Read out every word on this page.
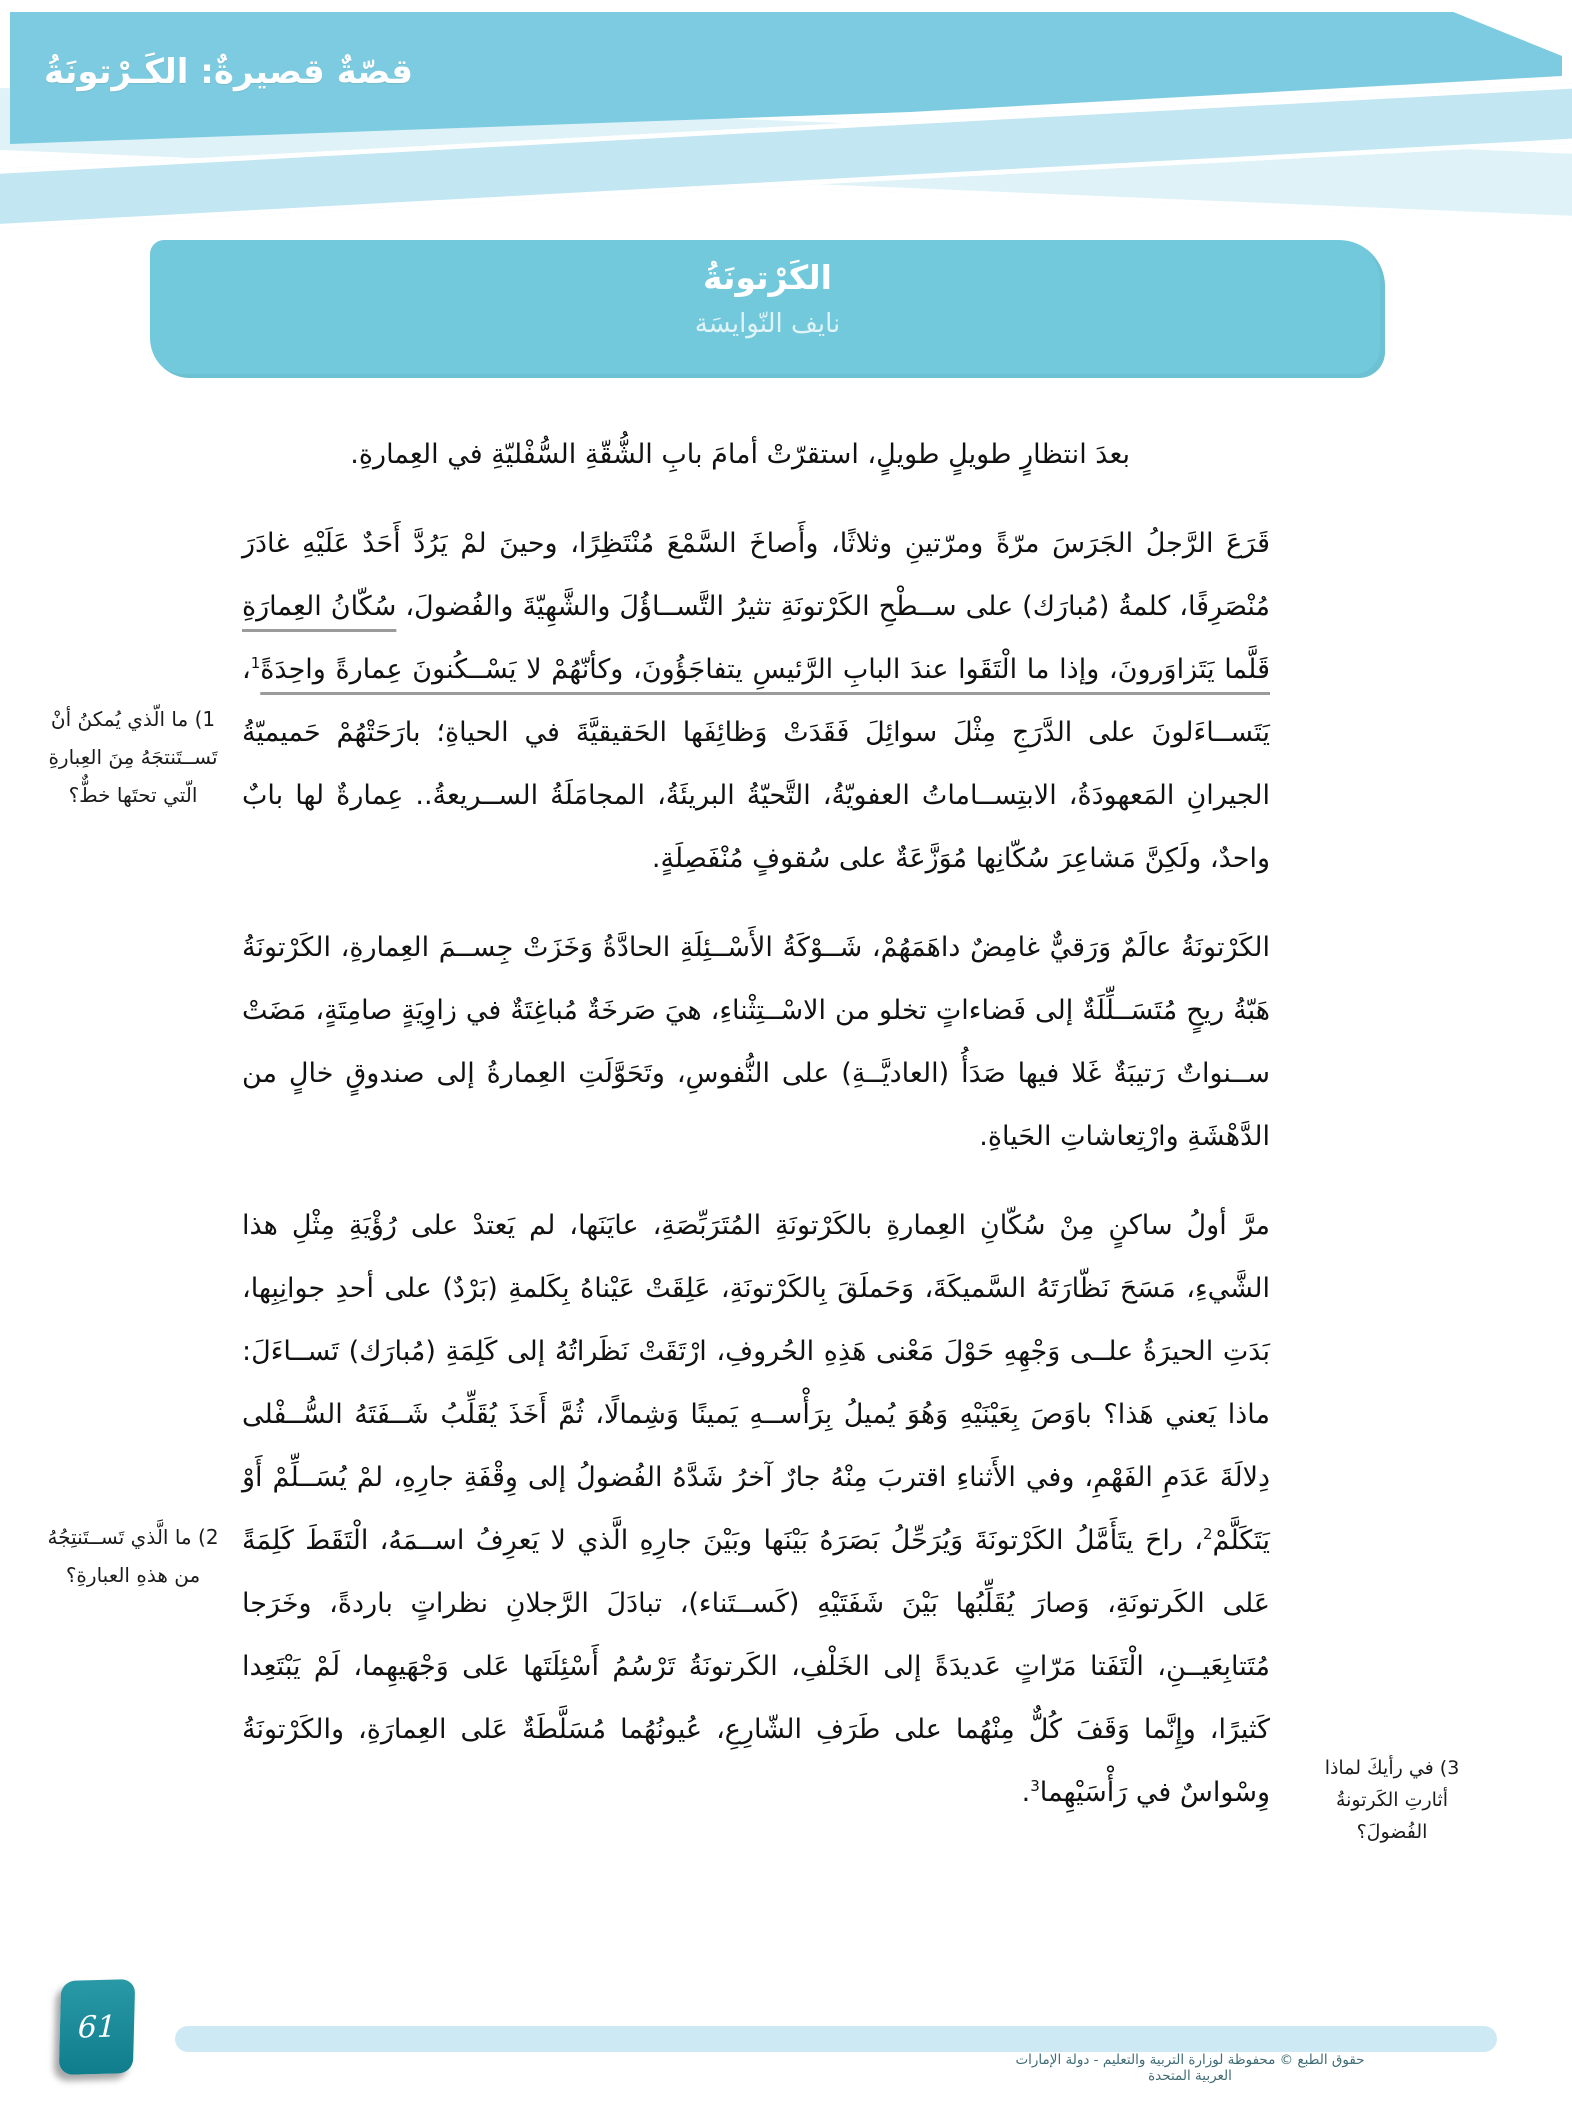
قصّةٌ قصيرةٌ: الكَـرْتونَةُ
الكَرْتونَةُ
نايف النّوايسَة

بعدَ انتظارٍ طويلٍ طويلٍ، استقرّتْ أمامَ بابِ الشُّقّةِ السُّفْليّةِ في العِمارةِ.

قَرَعَ الرَّجلُ الجَرَسَ مرّةً ومرّتينِ وثلاثًا، وأَصاخَ السَّمْعَ مُنْتَظِرًا، وحينَ لمْ يَرُدَّ أَحَدٌ عَلَيْهِ غادَرَ مُنْصَرِفًا، كلمةُ (مُبارَك) على ســطْحِ الكَرْتونَةِ تثيرُ التَّســاؤُلَ والشَّهِيّةَ والفُضولَ، سُكّانُ العِمارَةِ قَلَّما يَتَزاوَرونَ، وإذا ما الْتَقَوا عندَ البابِ الرَّئيسِ يتفاجَؤُونَ، وكأنّهُمْ لا يَسْــكُنونَ عِمارةً واحِدَةً$^1$، يَتَســاءَلونَ على الدَّرَجِ مِثْلَ سوائِلَ فَقَدَتْ وَظائِفَها الحَقيقيَّةَ في الحياةِ؛ بارَحَتْهُمْ حَميميّةُ الجيرانِ المَعهودَةُ، الابتِســاماتُ العفويّةُ، التَّحيّةُ البريئَةُ، المجامَلَةُ الســريعةُ.. عِمارةٌ لها بابٌ واحدٌ، ولَكِنَّ مَشاعِرَ سُكّانِها مُوَزَّعَةٌ على سُقوفٍ مُنْفَصِلَةٍ.

الكَرْتونَةُ عالَمٌ وَرَقيٌّ غامِضٌ داهَمَهُمْ، شَــوْكَةُ الأَسْــئِلَةِ الحادَّةُ وَخَزَتْ جِســمَ العِمارةِ، الكَرْتونَةُ هَبّةُ ريحٍ مُتَسَــلِّلَةٌ إلى فَضاءاتٍ تخلو من الاسْــتِثْناءِ، هيَ صَرخَةٌ مُباغِتَةٌ في زاوِيَةٍ صامِتَةٍ، مَضَتْ ســنواتٌ رَتيبَةٌ غَلا فيها صَدَأُ (العاديَّــةِ) على النُّفوسِ، وتَحَوَّلَتِ العِمارةُ إلى صندوقٍ خالٍ من الدَّهْشَةِ وارْتِعاشاتِ الحَياةِ.

مرَّ أولُ ساكنٍ مِنْ سُكّانِ العِمارةِ بالكَرْتونَةِ المُتَرَبِّصَةِ، عايَنَها، لم يَعتدْ على رُؤْيَةِ مِثْلِ هذا الشَّيءِ، مَسَحَ نَظّارَتَهُ السَّميكَةَ، وَحَملَقَ بِالكَرْتونَةِ، عَلِقَتْ عَيْناهُ بِكَلمةِ (بَرْدٌ) على أحدِ جوانِبِها، بَدَتِ الحيرَةُ علــى وَجْهِهِ حَوْلَ مَعْنى هَذِهِ الحُروفِ، ارْتَقَتْ نَظَراتُهُ إلى كَلِمَةِ (مُبارَك) تَســاءَلَ: ماذا يَعني هَذا؟ باوَصَ بِعَيْنَيْهِ وَهُوَ يُميلُ بِرَأْســهِ يَمينًا وَشِمالًا، ثُمَّ أَخَذَ يُقَلِّبُ شَــفَتَهُ السُّــفْلى دِلالَةَ عَدَمِ الفَهْمِ، وفي الأَثناءِ اقتربَ مِنْهُ جارٌ آخرُ شَدَّهُ الفُضولُ إلى وِقْفَةِ جارِهِ، لمْ يُسَــلِّمْ أَوْ يَتَكَلَّمْ$^2$، راحَ يتَأَمَّلُ الكَرْتونَةَ وَيُرَحِّلُ بَصَرَهُ بَيْنَها وبَيْنَ جارِهِ الَّذي لا يَعرِفُ اســمَهُ، الْتَقَطَ كَلِمَةً عَلى الكَرتونَةِ، وَصارَ يُقَلِّبُها بَيْنَ شَفَتَيْهِ (كَســتَناء)، تبادَلَ الرَّجلانِ نظراتٍ باردةً، وخَرَجا مُتَتابِعَيــنِ، الْتَفَتا مَرّاتٍ عَديدَةً إلى الخَلْفِ، الكَرتونَةُ تَرْسُمُ أَسْئِلَتَها عَلى وَجْهَيهِما، لَمْ يَبْتَعِدا كَثيرًا، وإِنَّما وَقَفَ كُلٌّ مِنْهُما على طَرَفِ الشّارِعِ، عُيونُهُما مُسَلَّطَةٌ عَلى العِمارَةِ، والكَرْتونَةُ وِسْواسٌ في رَأْسَيْهِما$^3$.

1) ما الّذي يُمكنُ أنْ تَســتَنتجَهُ مِنَ العِبارةِ الّتي تحتَها خطٌّ؟
2) ما الَّذي تَســتَنتِجُهُ من هذهِ العبارةِ؟
3) في رأيكَ لماذا أثارتِ الكَرتونةُ الفُضولَ؟
61
حقوق الطبع © محفوظة لوزارة التربية والتعليم - دولة الإمارات العربية المتحدة
